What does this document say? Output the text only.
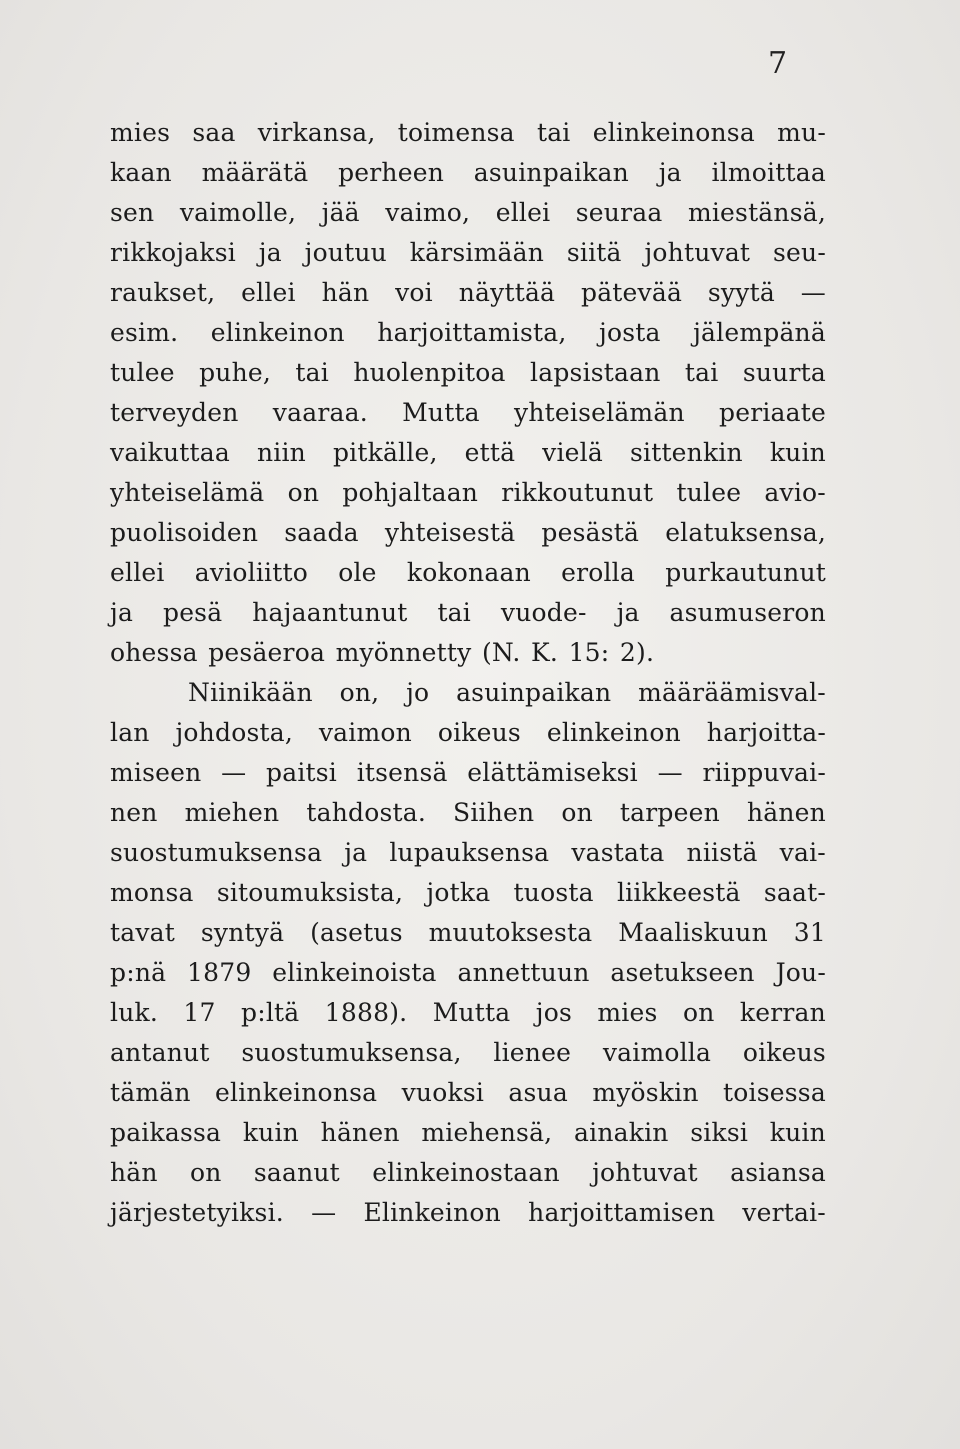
7
mies saa virkansa, toimensa tai elinkeinonsa mu-
kaan määrätä perheen asuinpaikan ja ilmoittaa
sen vaimolle, jää vaimo, ellei seuraa miestänsä,
rikkojaksi ja joutuu kärsimään siitä johtuvat seu-
raukset, ellei hän voi näyttää pätevää syytä —
esim. elinkeinon harjoittamista, josta jälempänä
tulee puhe, tai huolenpitoa lapsistaan tai suurta
terveyden vaaraa. Mutta yhteiselämän periaate
vaikuttaa niin pitkälle, että vielä sittenkin kuin
yhteiselämä on pohjaltaan rikkoutunut tulee avio-
puolisoiden saada yhteisestä pesästä elatuksensa,
ellei avioliitto ole kokonaan erolla purkautunut
ja pesä hajaantunut tai vuode- ja asumuseron
ohessa pesäeroa myönnetty (N. K. 15: 2).
Niinikään on, jo asuinpaikan määräämisval-
lan johdosta, vaimon oikeus elinkeinon harjoitta-
miseen — paitsi itsensä elättämiseksi — riippuvai-
nen miehen tahdosta. Siihen on tarpeen hänen
suostumuksensa ja lupauksensa vastata niistä vai-
monsa sitoumuksista, jotka tuosta liikkeestä saat-
tavat syntyä (asetus muutoksesta Maaliskuun 31
p:nä 1879 elinkeinoista annettuun asetukseen Jou-
luk. 17 p:ltä 1888). Mutta jos mies on kerran
antanut suostumuksensa, lienee vaimolla oikeus
tämän elinkeinonsa vuoksi asua myöskin toisessa
paikassa kuin hänen miehensä, ainakin siksi kuin
hän on saanut elinkeinostaan johtuvat asiansa
järjestetyiksi. — Elinkeinon harjoittamisen vertai-
